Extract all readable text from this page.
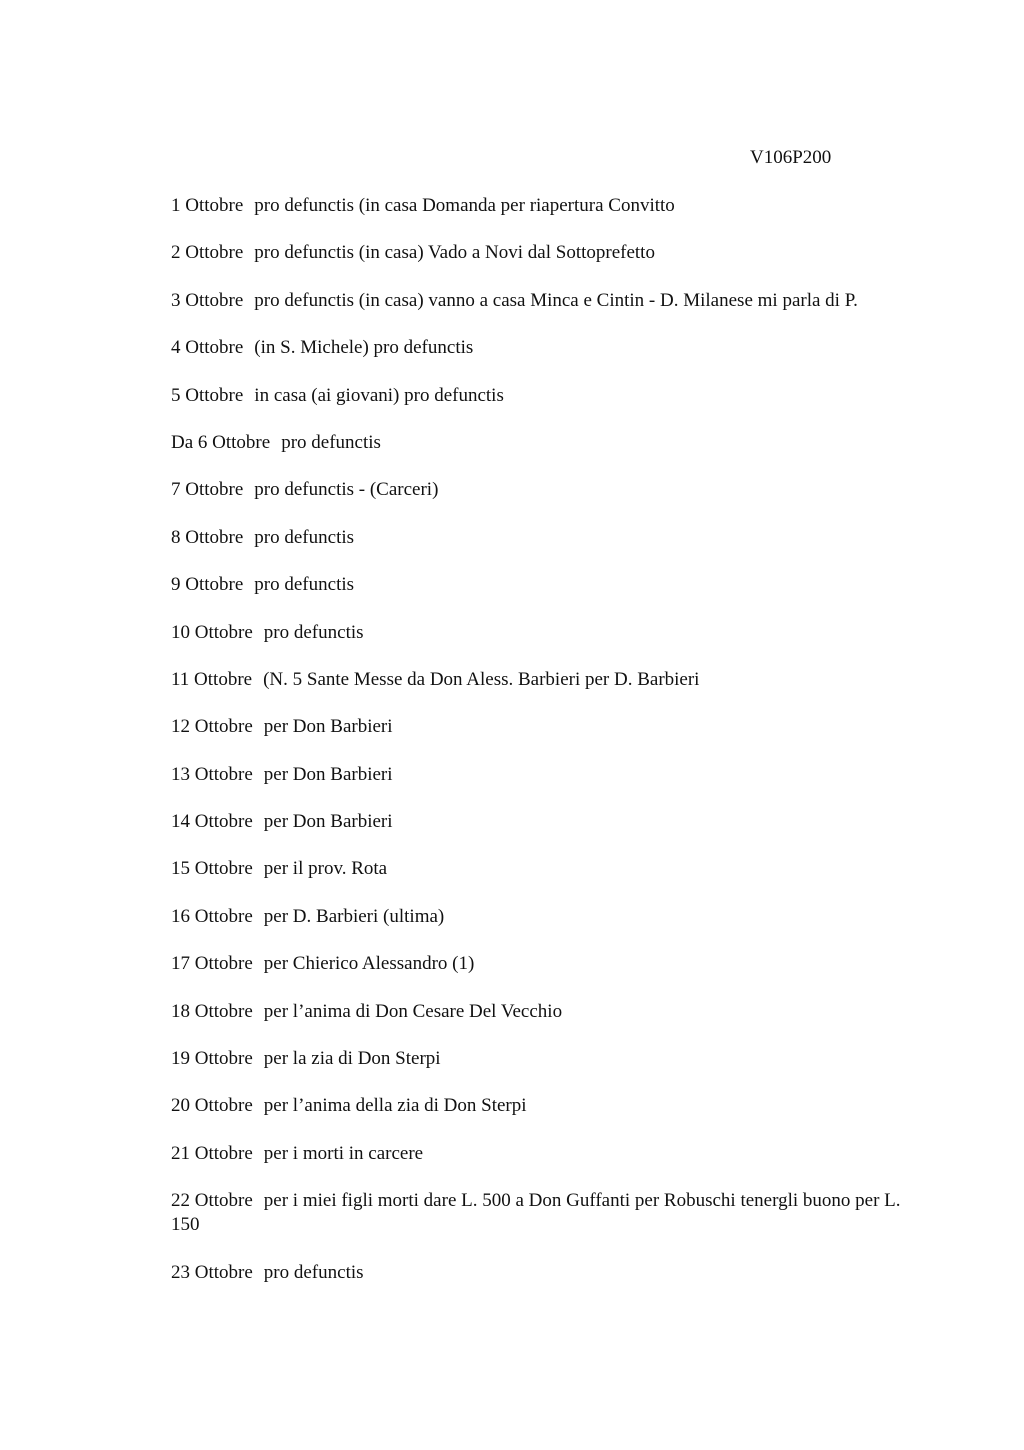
V106P200

1 Ottobre pro defunctis (in casa Domanda per riapertura Convitto

2 Ottobre pro defunctis (in casa) Vado a Novi dal Sottoprefetto

3 Ottobre pro defunctis (in casa) vanno a casa Minca e Cintin - D. Milanese mi parla di P.

4 Ottobre (in S. Michele) pro defunctis

5 Ottobre in casa (ai giovani) pro defunctis

Da 6 Ottobre pro defunctis

7 Ottobre pro defunctis - (Carceri)

8 Ottobre pro defunctis

9 Ottobre pro defunctis

10 Ottobre pro defunctis

11 Ottobre (N. 5 Sante Messe da Don Aless. Barbieri per D. Barbieri

12 Ottobre per Don Barbieri

13 Ottobre per Don Barbieri

14 Ottobre per Don Barbieri

15 Ottobre per il prov. Rota

16 Ottobre per D. Barbieri (ultima)

17 Ottobre per Chierico Alessandro (1)

18 Ottobre per l’anima di Don Cesare Del Vecchio

19 Ottobre per la zia di Don Sterpi

20 Ottobre per l’anima della zia di Don Sterpi

21 Ottobre per i morti in carcere

22 Ottobre per i miei figli morti dare L. 500 a Don Guffanti per Robuschi tenergli buono per L. 150

23 Ottobre pro defunctis
